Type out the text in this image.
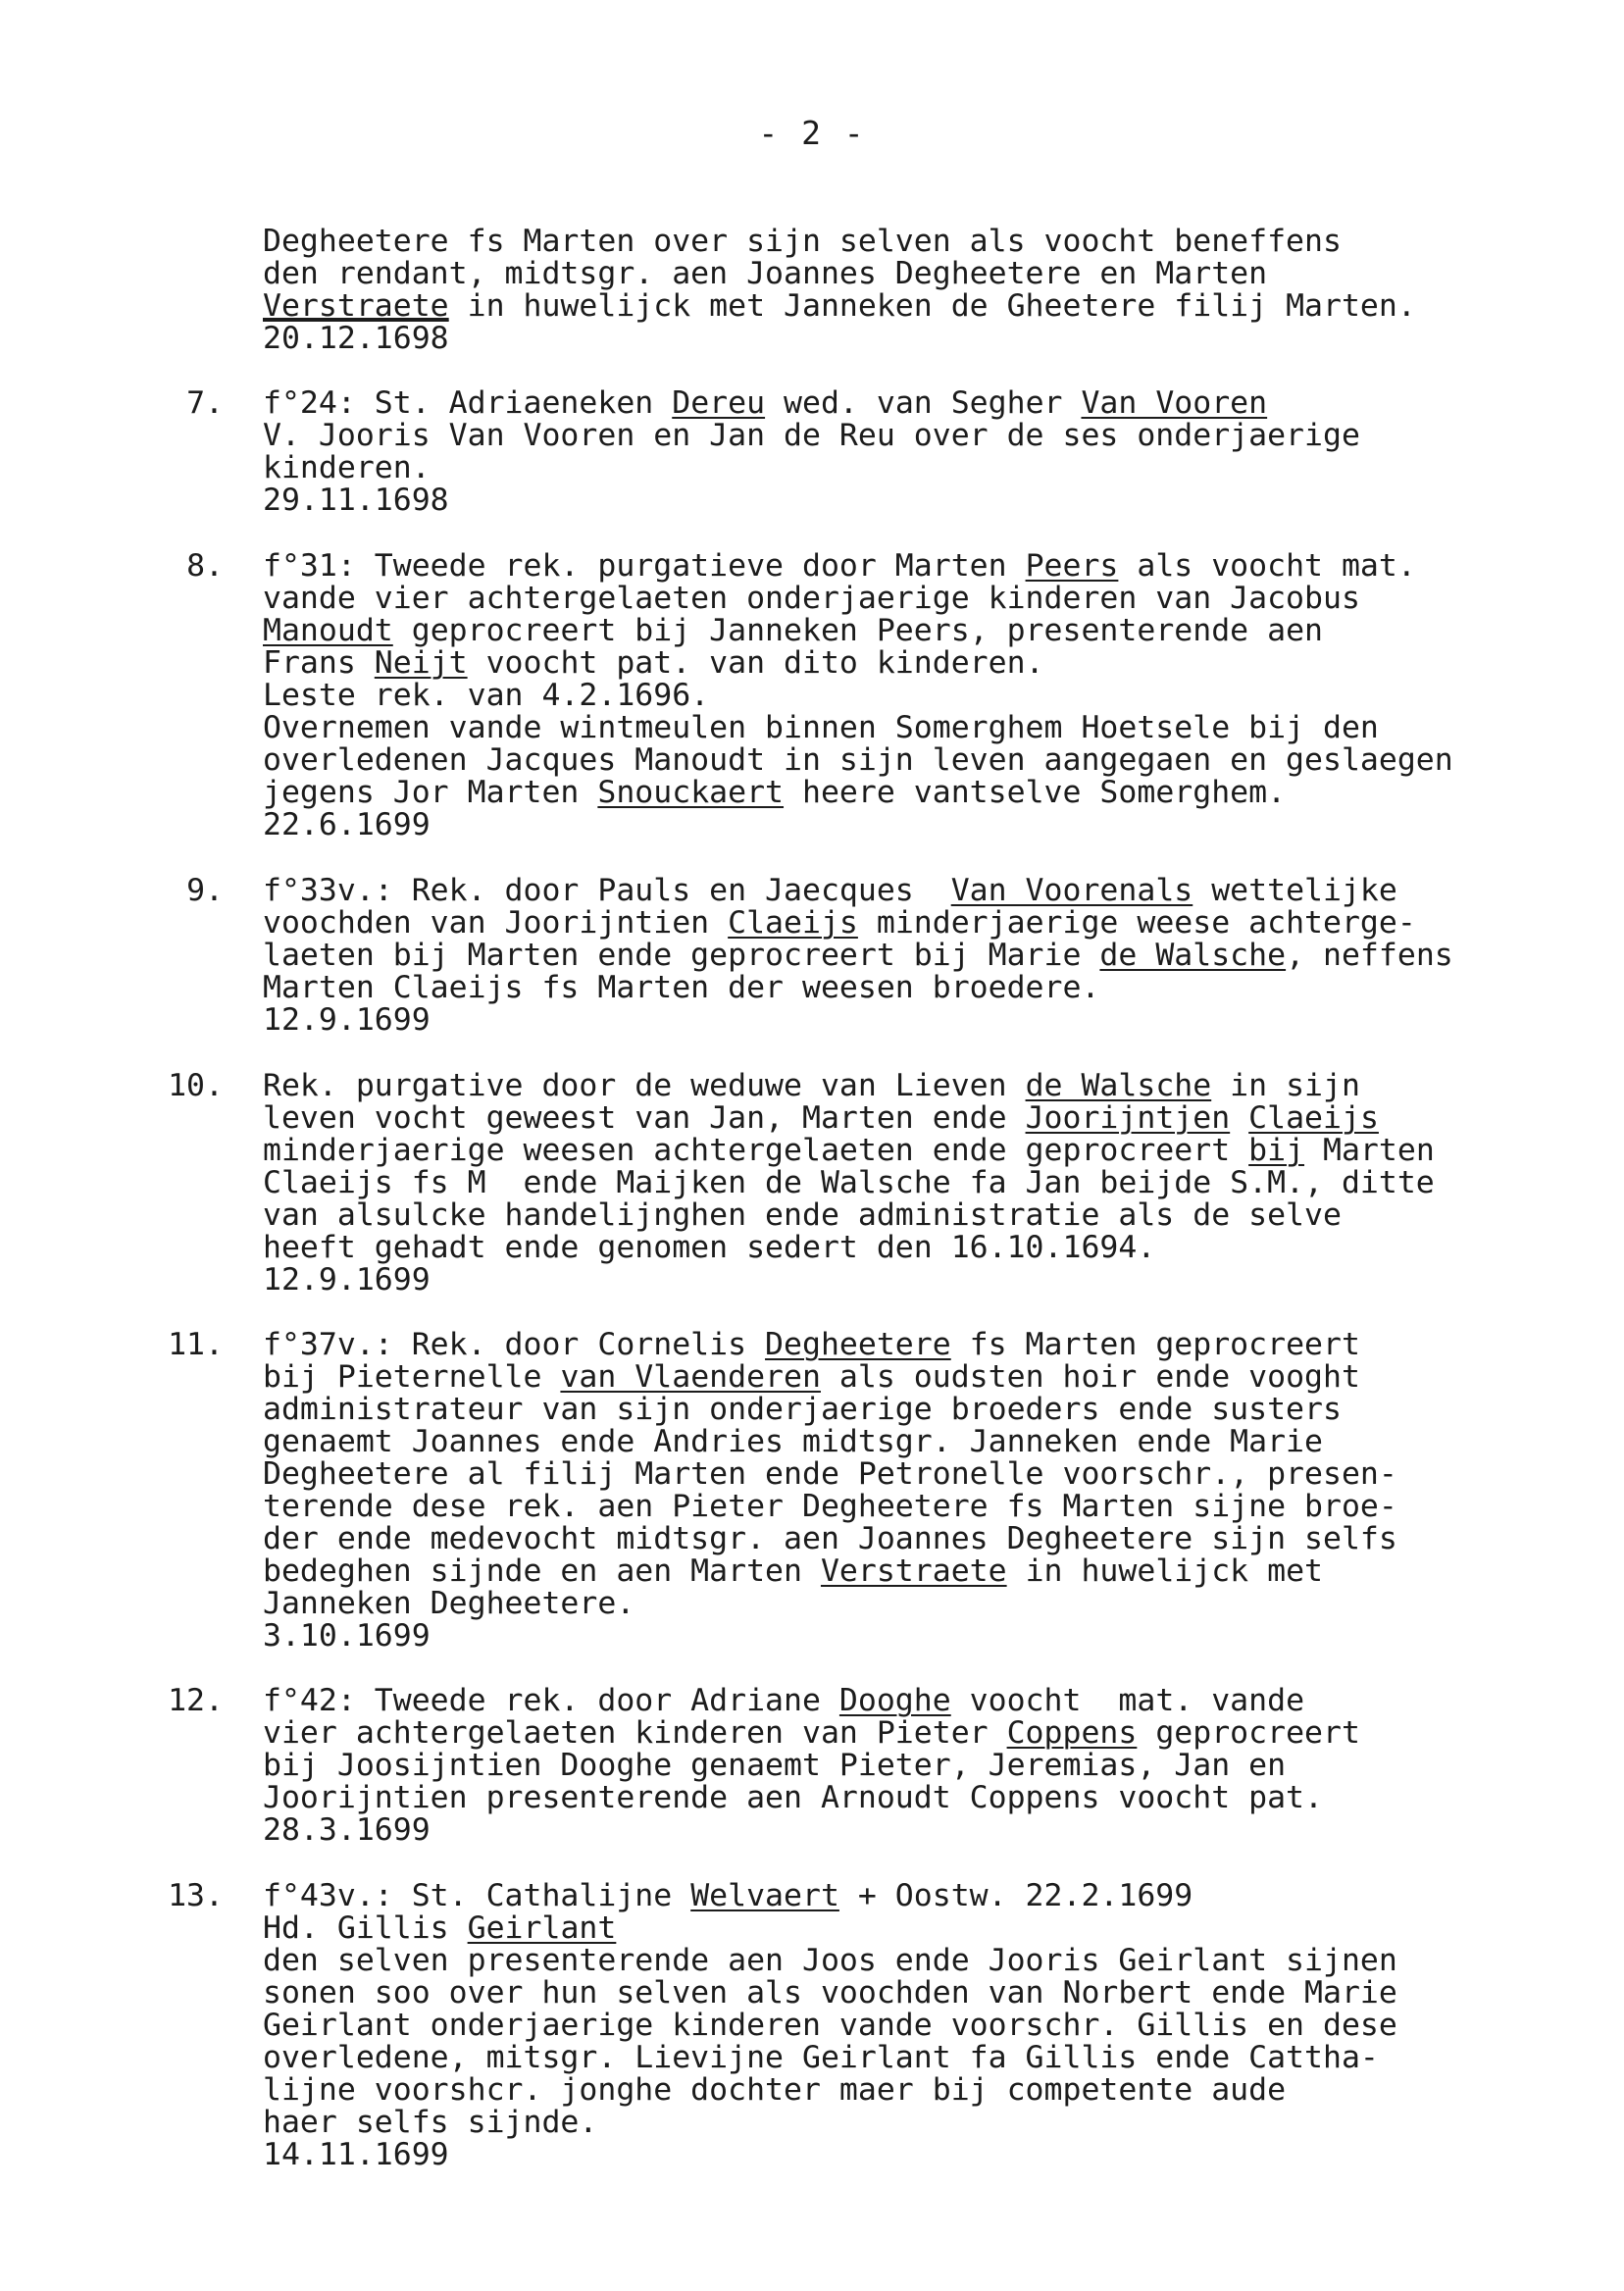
- 2 -
Degheetere fs Marten over sijn selven als voocht beneffens
den rendant, midtsgr. aen Joannes Degheetere en Marten
Verstraete in huwelijck met Janneken de Gheetere filij Marten.
20.12.1698
7. f°24: St. Adriaeneken Dereu wed. van Segher Van Vooren
V. Jooris Van Vooren en Jan de Reu over de ses onderjaerige
kinderen.
29.11.1698
8. f°31: Tweede rek. purgatieve door Marten Peers als voocht mat.
vande vier achtergelaeten onderjaerige kinderen van Jacobus
Manoudt geprocreert bij Janneken Peers, presenterende aen
Frans Neijt voocht pat. van dito kinderen.
Leste rek. van 4.2.1696.
Overnemen vande wintmeulen binnen Somerghem Hoetsele bij den
overledenen Jacques Manoudt in sijn leven aangegaen en geslaegen
jegens Jor Marten Snouckaert heere vantselve Somerghem.
22.6.1699
9. f°33v.: Rek. door Pauls en Jaecques  Van Voorenals wettelijke
voochden van Joorijntien Claeijs minderjaerige weese achterge-
laeten bij Marten ende geprocreert bij Marie de Walsche, neffens
Marten Claeijs fs Marten der weesen broedere.
12.9.1699
10. Rek. purgative door de weduwe van Lieven de Walsche in sijn
leven vocht geweest van Jan, Marten ende Joorijntjen Claeijs
minderjaerige weesen achtergelaeten ende geprocreert bij Marten
Claeijs fs M  ende Maijken de Walsche fa Jan beijde S.M., ditte
van alsulcke handelijnghen ende administratie als de selve
heeft gehadt ende genomen sedert den 16.10.1694.
12.9.1699
11. f°37v.: Rek. door Cornelis Degheetere fs Marten geprocreert
bij Pieternelle van Vlaenderen als oudsten hoir ende vooght
administrateur van sijn onderjaerige broeders ende susters
genaemt Joannes ende Andries midtsgr. Janneken ende Marie
Degheetere al filij Marten ende Petronelle voorschr., presen-
terende dese rek. aen Pieter Degheetere fs Marten sijne broe-
der ende medevocht midtsgr. aen Joannes Degheetere sijn selfs
bedeghen sijnde en aen Marten Verstraete in huwelijck met
Janneken Degheetere.
3.10.1699
12. f°42: Tweede rek. door Adriane Dooghe voocht  mat. vande
vier achtergelaeten kinderen van Pieter Coppens geprocreert
bij Joosijntien Dooghe genaemt Pieter, Jeremias, Jan en
Joorijntien presenterende aen Arnoudt Coppens voocht pat.
28.3.1699
13. f°43v.: St. Cathalijne Welvaert + Oostw. 22.2.1699
Hd. Gillis Geirlant
den selven presenterende aen Joos ende Jooris Geirlant sijnen
sonen soo over hun selven als voochden van Norbert ende Marie
Geirlant onderjaerige kinderen vande voorschr. Gillis en dese
overledene, mitsgr. Lievijne Geirlant fa Gillis ende Cattha-
lijne voorshcr. jonghe dochter maer bij competente aude
haer selfs sijnde.
14.11.1699
